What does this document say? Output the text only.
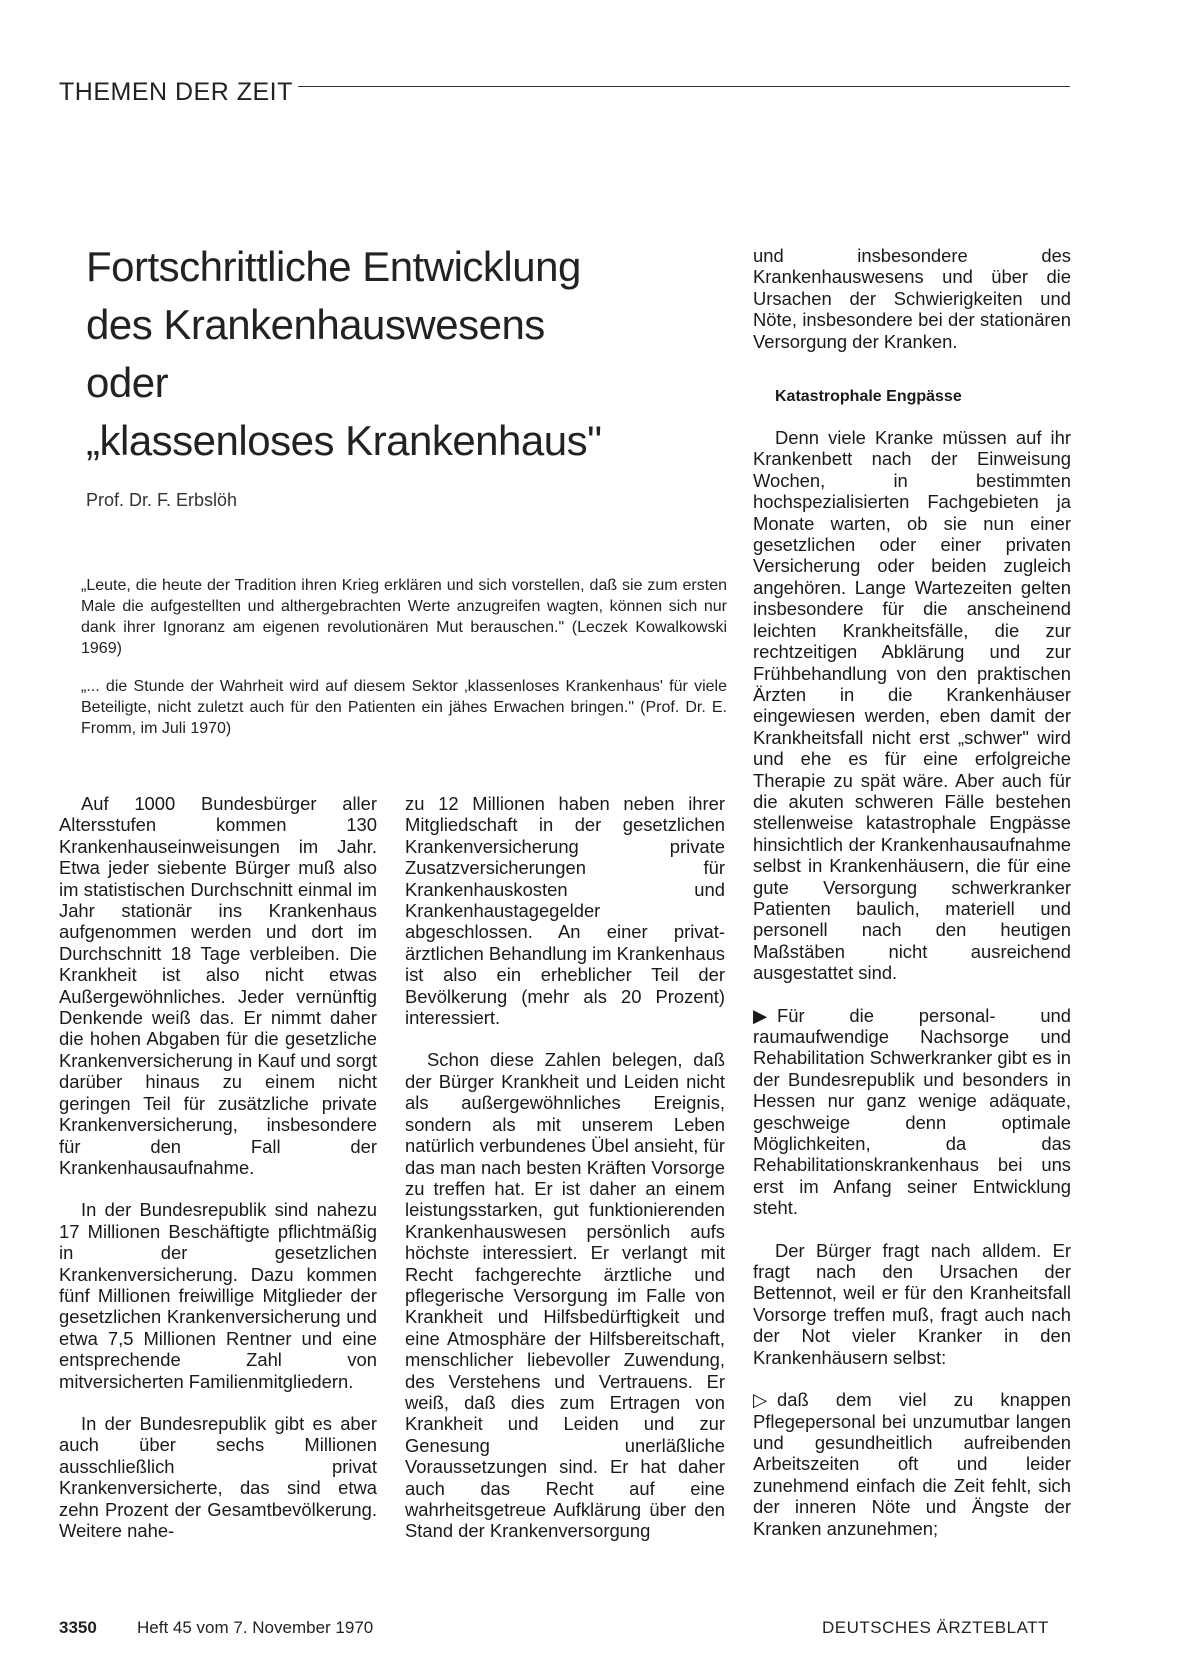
THEMEN DER ZEIT
Fortschrittliche Entwicklung
des Krankenhauswesens
oder
„klassenloses Krankenhaus"
Prof. Dr. F. Erbslöh
„Leute, die heute der Tradition ihren Krieg erklären und sich vorstellen, daß sie zum ersten Male die aufgestellten und althergebrachten Werte anzugreifen wagten, können sich nur dank ihrer Ignoranz am eigenen revolutionären Mut berauschen." (Leczek Kowalkowski 1969)
„... die Stunde der Wahrheit wird auf diesem Sektor ‚klassenloses Krankenhaus' für viele Beteiligte, nicht zuletzt auch für den Patienten ein jähes Erwachen bringen." (Prof. Dr. E. Fromm, im Juli 1970)

Auf 1000 Bundesbürger aller Altersstufen kommen 130 Krankenhauseinweisungen im Jahr. Etwa jeder siebente Bürger muß also im statistischen Durchschnitt einmal im Jahr stationär ins Krankenhaus aufgenommen werden und dort im Durchschnitt 18 Tage verbleiben. Die Krankheit ist also nicht etwas Außergewöhnliches. Jeder vernünftig Denkende weiß das. Er nimmt daher die hohen Abgaben für die gesetzliche Krankenversicherung in Kauf und sorgt darüber hinaus zu einem nicht geringen Teil für zusätzliche private Krankenversicherung, insbesondere für den Fall der Krankenhausaufnahme.

In der Bundesrepublik sind nahezu 17 Millionen Beschäftigte pflichtmäßig in der gesetzlichen Krankenversicherung. Dazu kommen fünf Millionen freiwillige Mitglieder der gesetzlichen Krankenversicherung und etwa 7,5 Millionen Rentner und eine entsprechende Zahl von mitversicherten Familienmitgliedern.

In der Bundesrepublik gibt es aber auch über sechs Millionen ausschließlich privat Krankenversicherte, das sind etwa zehn Prozent der Gesamtbevölkerung. Weitere nahe-

zu 12 Millionen haben neben ihrer Mitgliedschaft in der gesetzlichen Krankenversicherung private Zusatzversicherungen für Krankenhauskosten und Krankenhaustagegelder abgeschlossen. An einer privat-ärztlichen Behandlung im Krankenhaus ist also ein erheblicher Teil der Bevölkerung (mehr als 20 Prozent) interessiert.

Schon diese Zahlen belegen, daß der Bürger Krankheit und Leiden nicht als außergewöhnliches Ereignis, sondern als mit unserem Leben natürlich verbundenes Übel ansieht, für das man nach besten Kräften Vorsorge zu treffen hat. Er ist daher an einem leistungsstarken, gut funktionierenden Krankenhauswesen persönlich aufs höchste interessiert. Er verlangt mit Recht fachgerechte ärztliche und pflegerische Versorgung im Falle von Krankheit und Hilfsbedürftigkeit und eine Atmosphäre der Hilfsbereitschaft, menschlicher liebevoller Zuwendung, des Verstehens und Vertrauens. Er weiß, daß dies zum Ertragen von Krankheit und Leiden und zur Genesung unerläßliche Voraussetzungen sind. Er hat daher auch das Recht auf eine wahrheitsgetreue Aufklärung über den Stand der Krankenversorgung

und insbesondere des Krankenhauswesens und über die Ursachen der Schwierigkeiten und Nöte, insbesondere bei der stationären Versorgung der Kranken.

Katastrophale Engpässe

Denn viele Kranke müssen auf ihr Krankenbett nach der Einweisung Wochen, in bestimmten hochspezialisierten Fachgebieten ja Monate warten, ob sie nun einer gesetzlichen oder einer privaten Versicherung oder beiden zugleich angehören. Lange Wartezeiten gelten insbesondere für die anscheinend leichten Krankheitsfälle, die zur rechtzeitigen Abklärung und zur Frühbehandlung von den praktischen Ärzten in die Krankenhäuser eingewiesen werden, eben damit der Krankheitsfall nicht erst „schwer" wird und ehe es für eine erfolgreiche Therapie zu spät wäre. Aber auch für die akuten schweren Fälle bestehen stellenweise katastrophale Engpässe hinsichtlich der Krankenhausaufnahme selbst in Krankenhäusern, die für eine gute Versorgung schwerkranker Patienten baulich, materiell und personell nach den heutigen Maßstäben nicht ausreichend ausgestattet sind.

▶ Für die personal- und raumaufwendige Nachsorge und Rehabilitation Schwerkranker gibt es in der Bundesrepublik und besonders in Hessen nur ganz wenige adäquate, geschweige denn optimale Möglichkeiten, da das Rehabilitationskrankenhaus bei uns erst im Anfang seiner Entwicklung steht.

Der Bürger fragt nach alldem. Er fragt nach den Ursachen der Bettennot, weil er für den Kranheitsfall Vorsorge treffen muß, fragt auch nach der Not vieler Kranker in den Krankenhäusern selbst:

▷ daß dem viel zu knappen Pflegepersonal bei unzumutbar langen und gesundheitlich aufreibenden Arbeitszeiten oft und leider zunehmend einfach die Zeit fehlt, sich der inneren Nöte und Ängste der Kranken anzunehmen;

3350 Heft 45 vom 7. November 1970	DEUTSCHES ÄRZTEBLATT
